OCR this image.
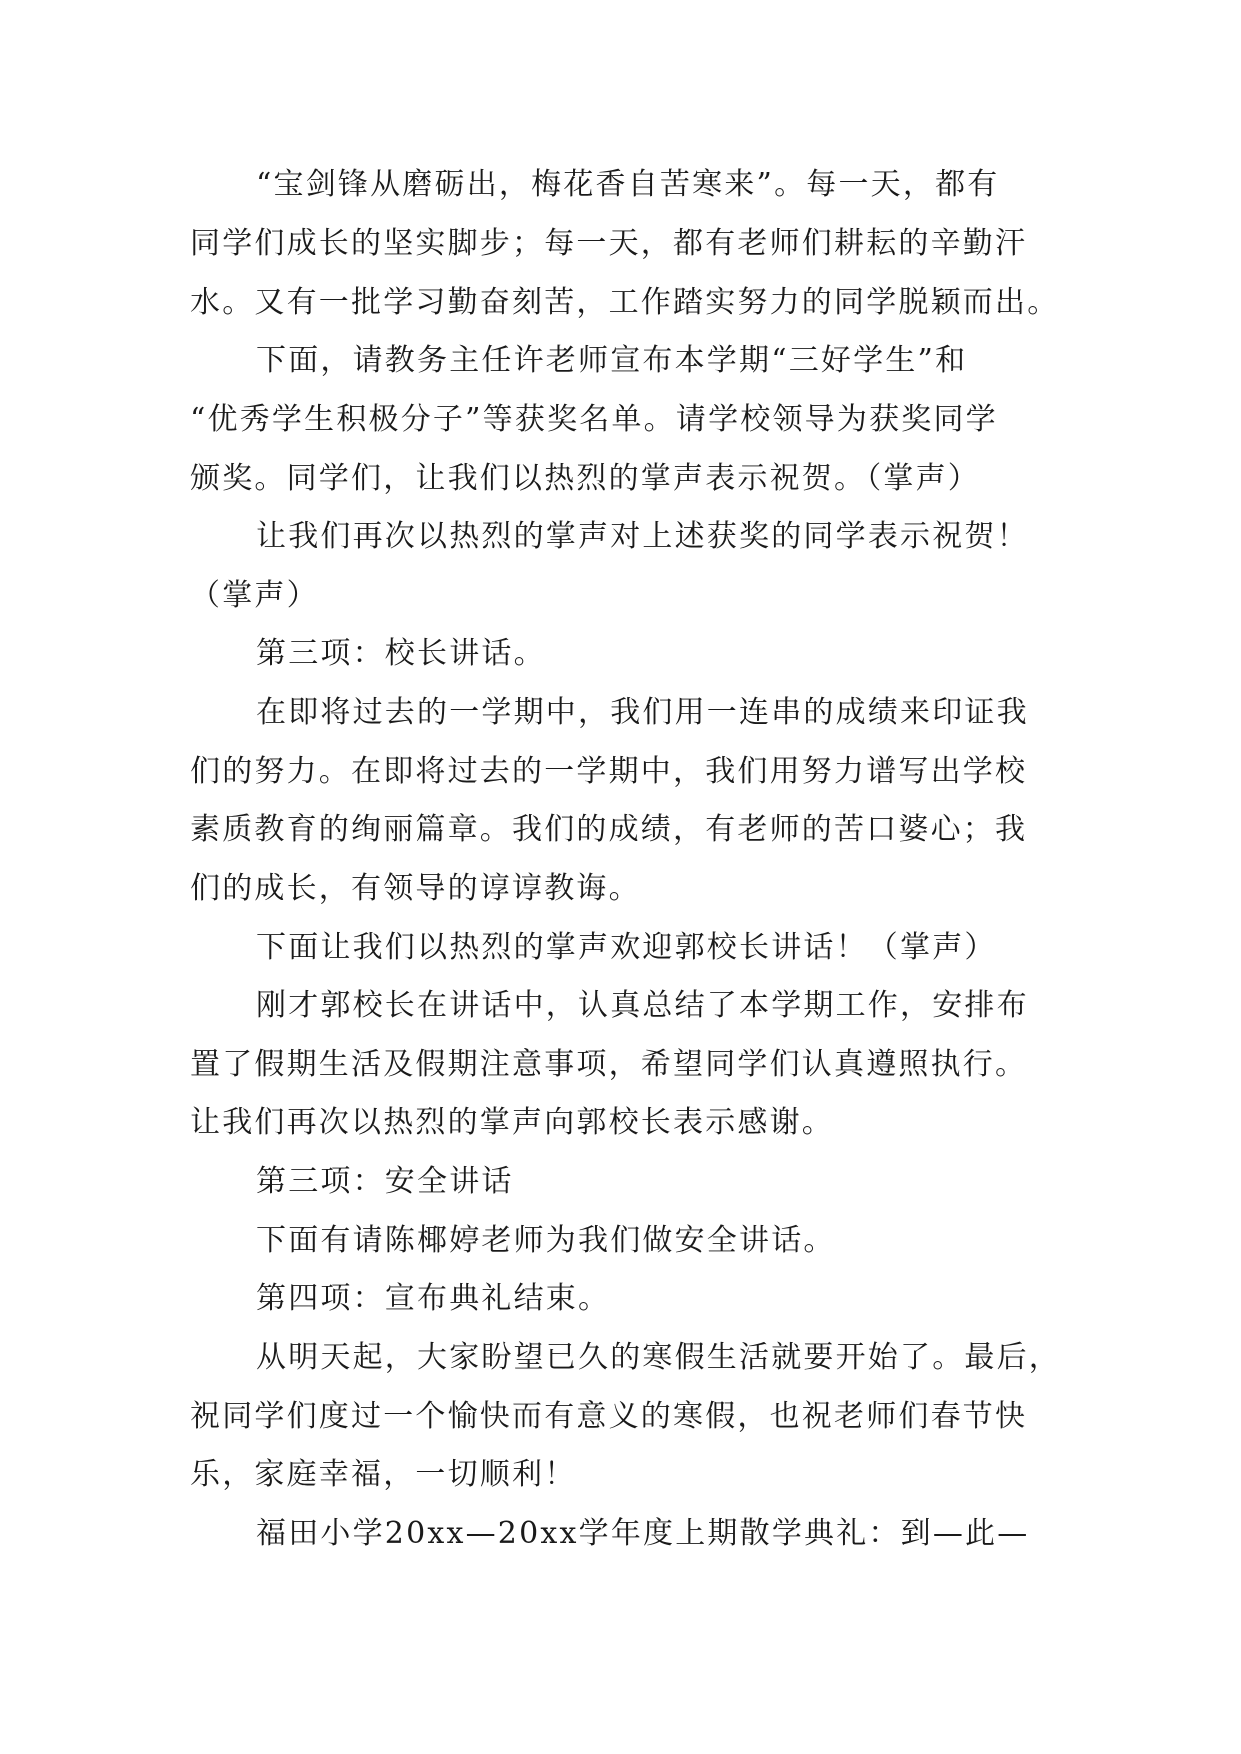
“宝剑锋从磨砺出，梅花香自苦寒来”。每一天，都有
同学们成长的坚实脚步；每一天，都有老师们耕耘的辛勤汗
水。又有一批学习勤奋刻苦，工作踏实努力的同学脱颖而出。
下面，请教务主任许老师宣布本学期“三好学生”和
“优秀学生积极分子”等获奖名单。请学校领导为获奖同学
颁奖。同学们，让我们以热烈的掌声表示祝贺。（掌声）
让我们再次以热烈的掌声对上述获奖的同学表示祝贺！
（掌声）
第三项：校长讲话。
在即将过去的一学期中，我们用一连串的成绩来印证我
们的努力。在即将过去的一学期中，我们用努力谱写出学校
素质教育的绚丽篇章。我们的成绩，有老师的苦口婆心；我
们的成长，有领导的谆谆教诲。
下面让我们以热烈的掌声欢迎郭校长讲话！（掌声）
刚才郭校长在讲话中，认真总结了本学期工作，安排布
置了假期生活及假期注意事项，希望同学们认真遵照执行。
让我们再次以热烈的掌声向郭校长表示感谢。
第三项：安全讲话
下面有请陈椰婷老师为我们做安全讲话。
第四项：宣布典礼结束。
从明天起，大家盼望已久的寒假生活就要开始了。最后，
祝同学们度过一个愉快而有意义的寒假，也祝老师们春节快
乐，家庭幸福，一切顺利！
福田小学20xx—20xx学年度上期散学典礼：到—此—
